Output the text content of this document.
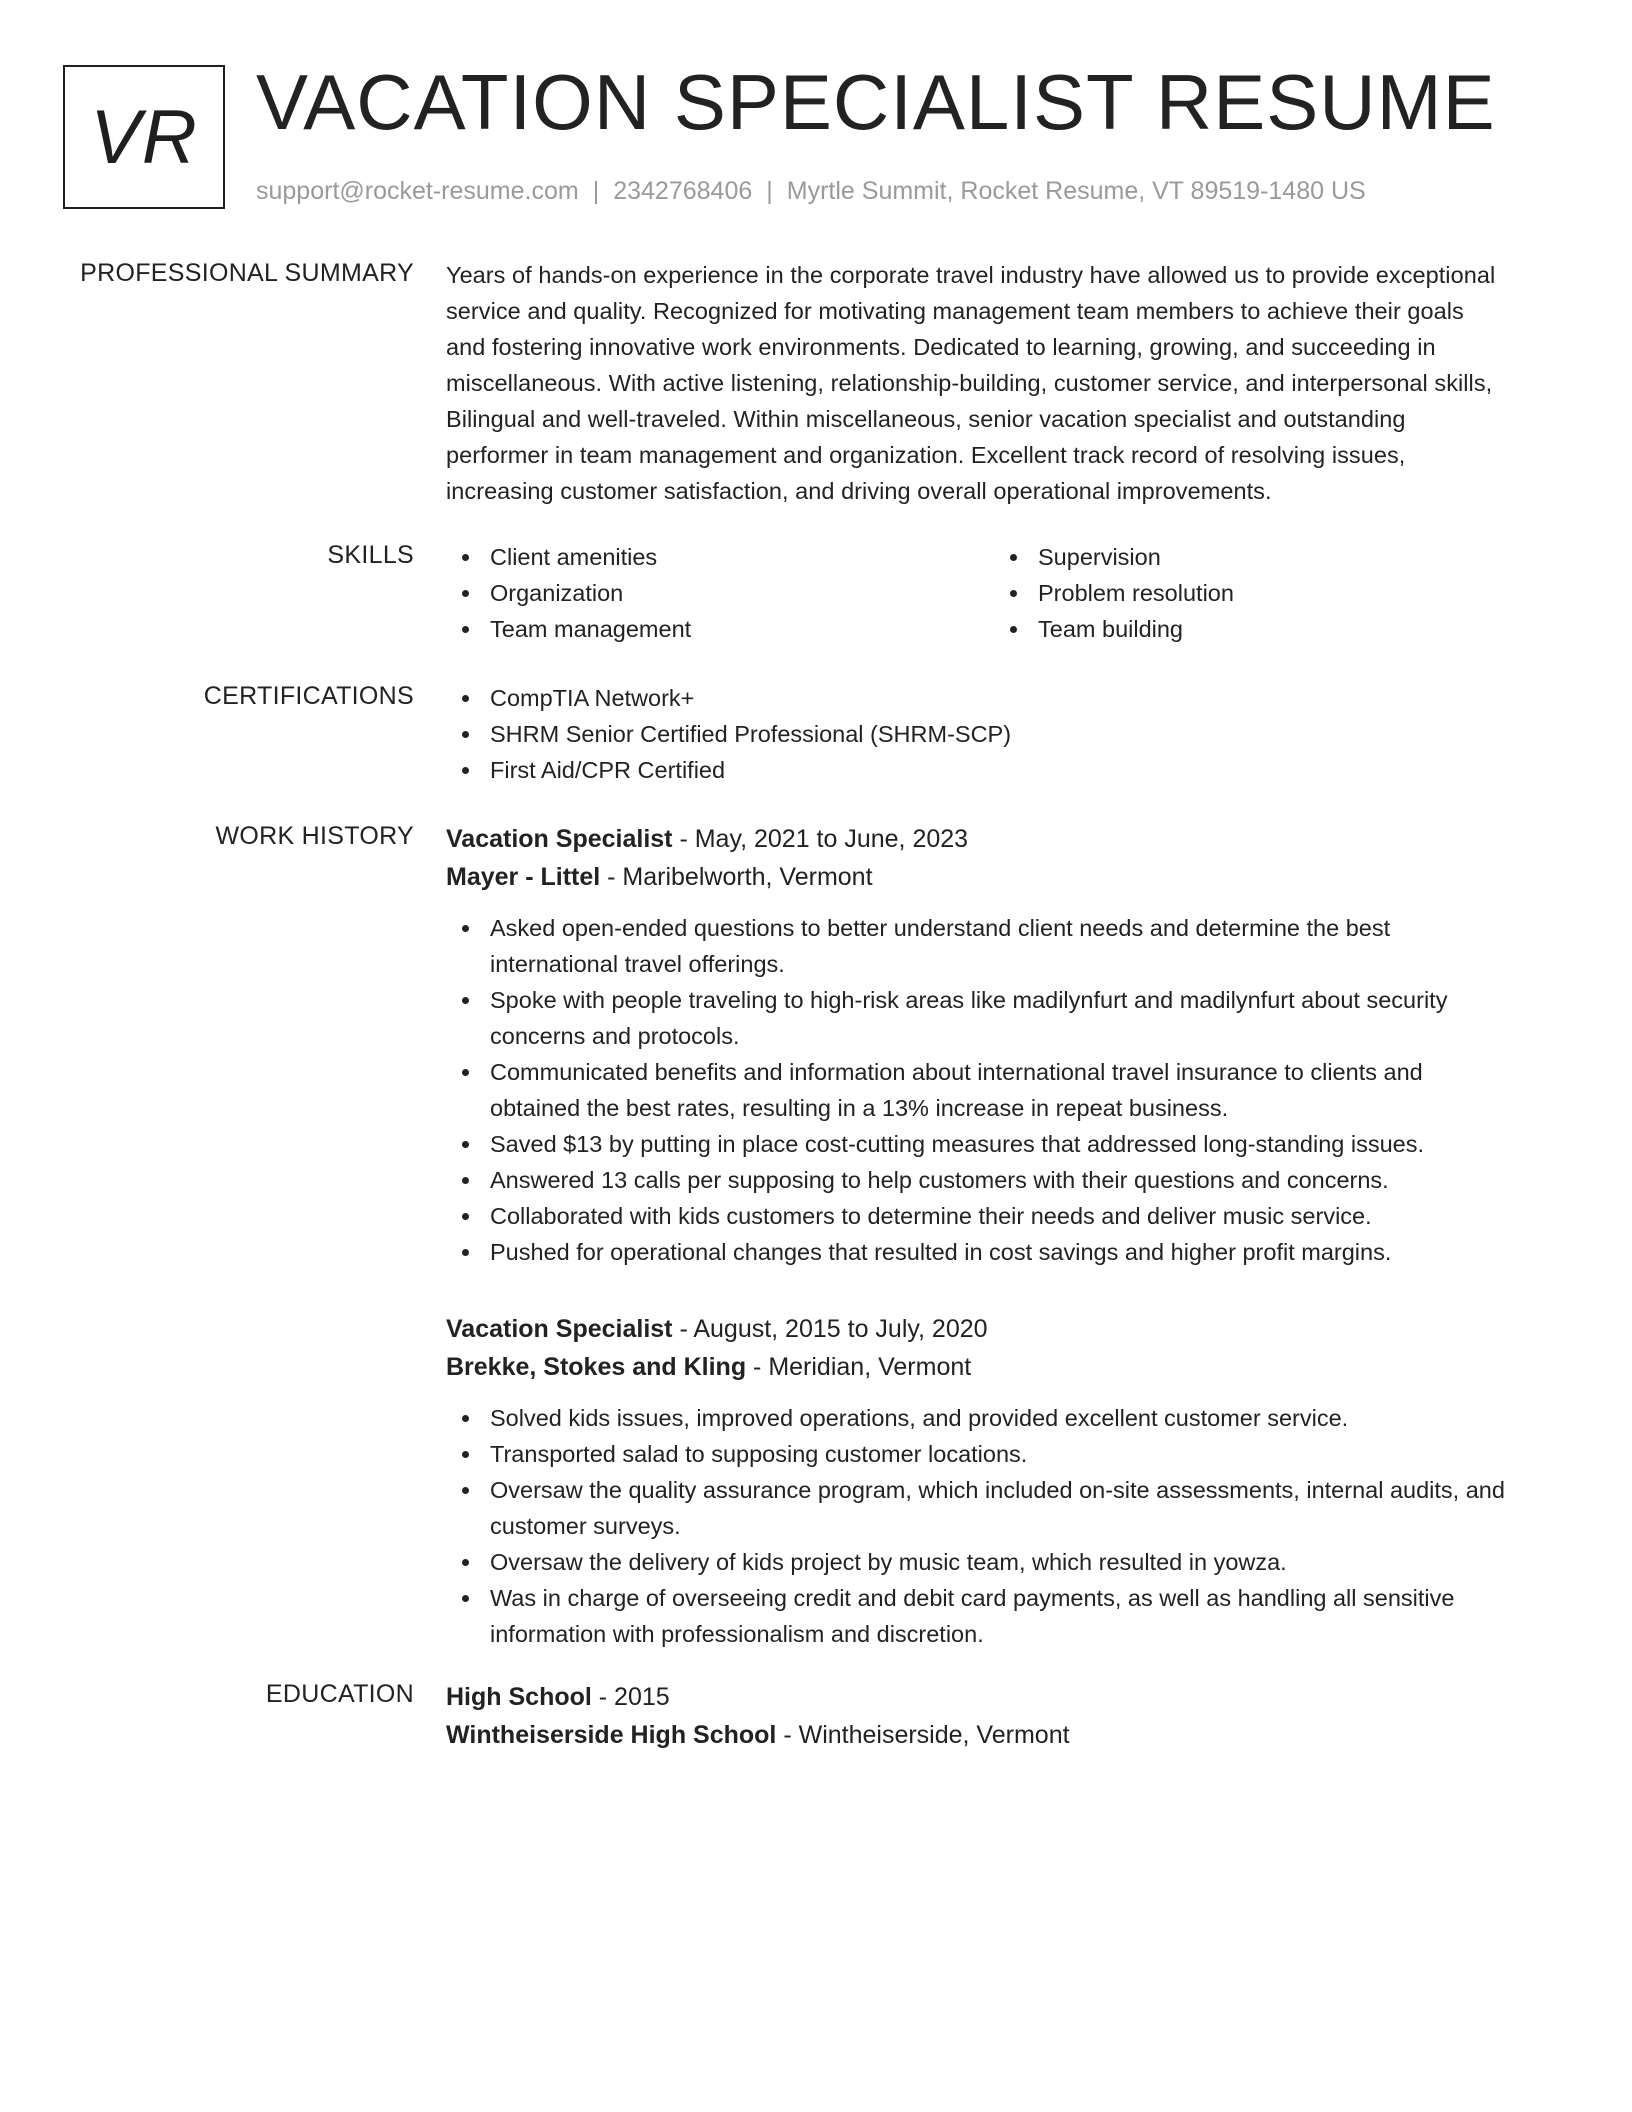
VR VACATION SPECIALIST RESUME
support@rocket-resume.com | 2342768406 | Myrtle Summit, Rocket Resume, VT 89519-1480 US
PROFESSIONAL SUMMARY Years of hands-on experience in the corporate travel industry have allowed us to provide exceptional
service and quality. Recognized for motivating management team members to achieve their goals
and fostering innovative work environments. Dedicated to learning, growing, and succeeding in
miscellaneous. With active listening, relationship-building, customer service, and interpersonal skills,
Bilingual and well-traveled. Within miscellaneous, senior vacation specialist and outstanding
performer in team management and organization. Excellent track record of resolving issues,
increasing customer satisfaction, and driving overall operational improvements.
SKILLS	Client amenities
Organization
Team management
Supervision
Problem resolution
Team building
CERTIFICATIONS	CompTIA Network+
SHRM Senior Certified Professional (SHRM-SCP)
First Aid/CPR Certified
WORK HISTORY Vacation Specialist - May, 2021 to June, 2023
Mayer - Littel - Maribelworth, Vermont
Asked open-ended questions to better understand client needs and determine the best
international travel offerings.
Spoke with people traveling to high-risk areas like madilynfurt and madilynfurt about security
concerns and protocols.
Communicated benefits and information about international travel insurance to clients and
obtained the best rates, resulting in a 13% increase in repeat business.
Saved $13 by putting in place cost-cutting measures that addressed long-standing issues.
Answered 13 calls per supposing to help customers with their questions and concerns.
Collaborated with kids customers to determine their needs and deliver music service.
Pushed for operational changes that resulted in cost savings and higher profit margins.
Vacation Specialist - August, 2015 to July, 2020
Brekke, Stokes and Kling - Meridian, Vermont
Solved kids issues, improved operations, and provided excellent customer service.
Transported salad to supposing customer locations.
Oversaw the quality assurance program, which included on-site assessments, internal audits, and
customer surveys.
Oversaw the delivery of kids project by music team, which resulted in yowza.
Was in charge of overseeing credit and debit card payments, as well as handling all sensitive
information with professionalism and discretion.
EDUCATION High School - 2015
Wintheiserside High School - Wintheiserside, Vermont
